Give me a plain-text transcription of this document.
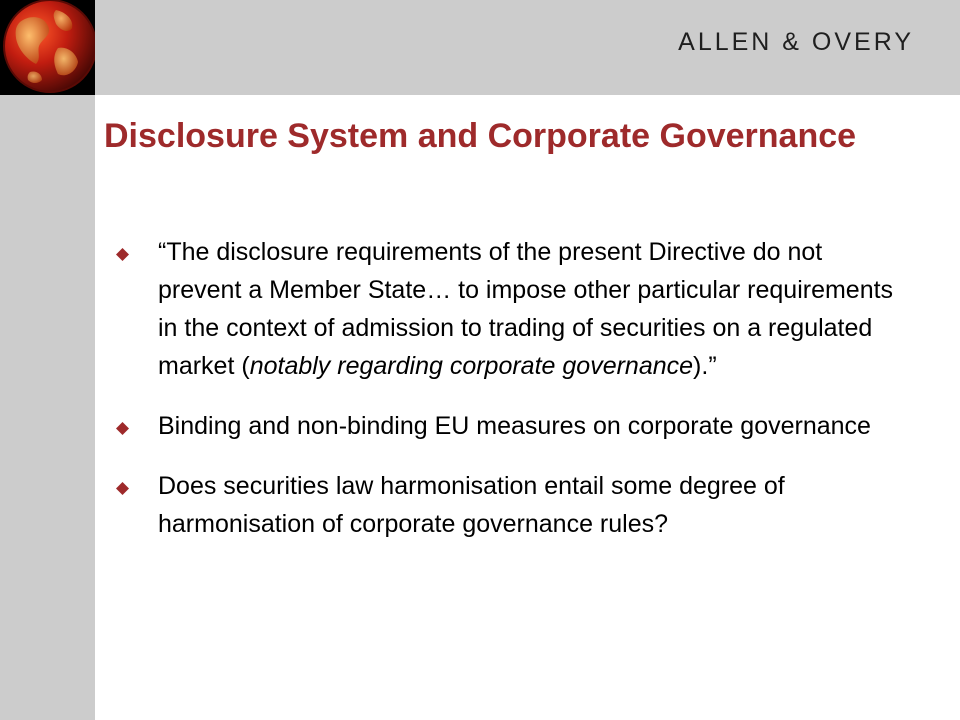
ALLEN & OVERY
Disclosure System and Corporate Governance
“The disclosure requirements of the present Directive do not prevent a Member State… to impose other particular requirements in the context of admission to trading of securities on a regulated market (notably regarding corporate governance).”
Binding and non-binding EU measures on corporate governance
Does securities law harmonisation entail some degree of harmonisation of corporate governance rules?
